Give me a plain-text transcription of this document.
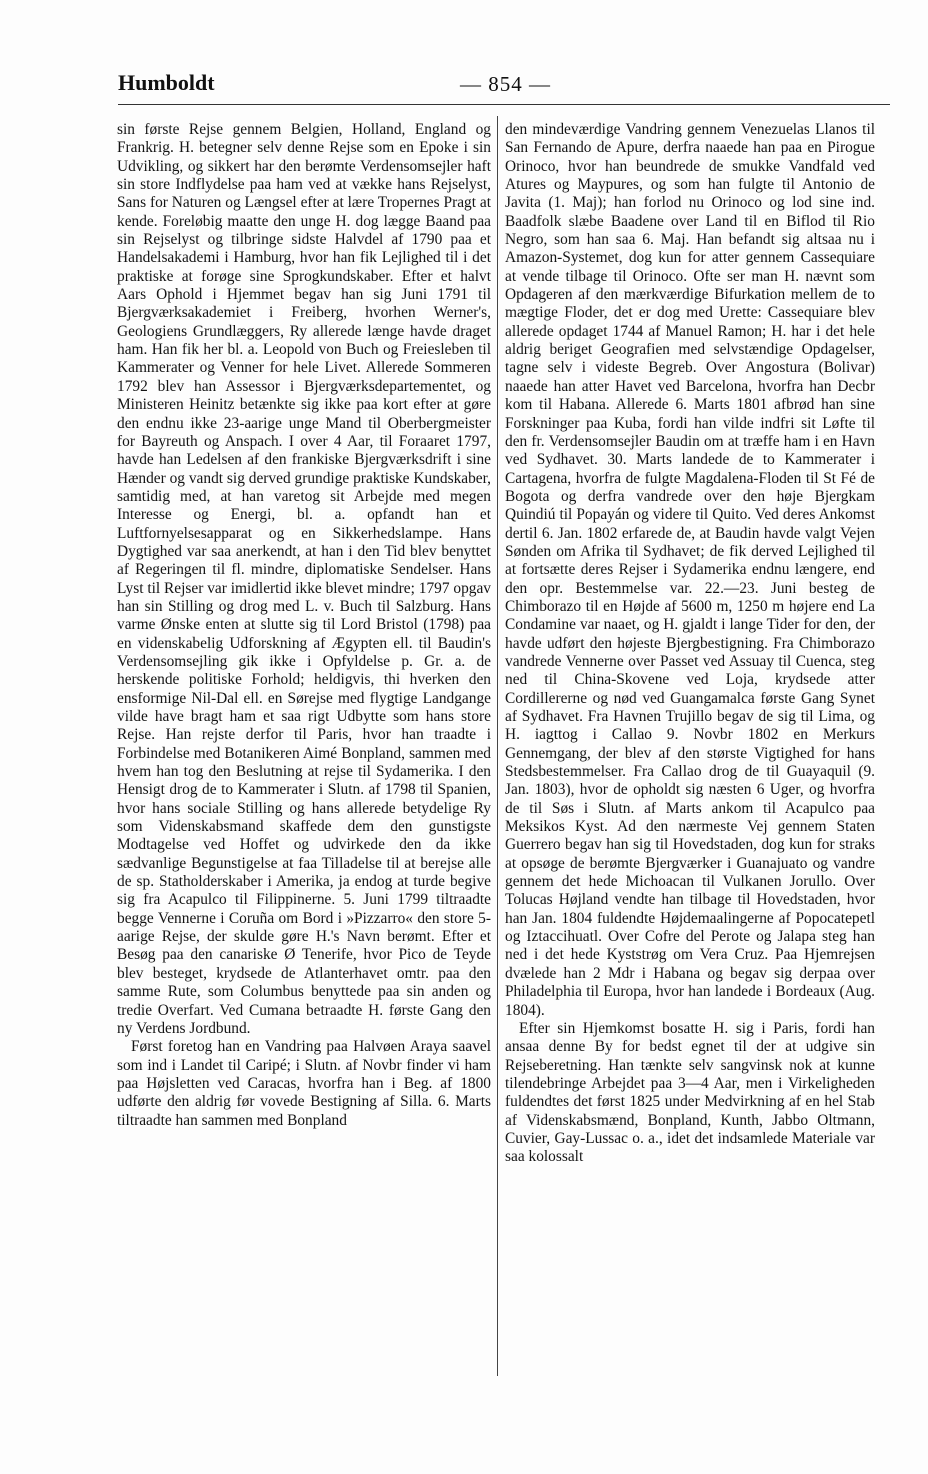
Humboldt	— 854 —

sin første Rejse gennem Belgien, Holland, England og Frankrig. H. betegner selv denne Rejse som en Epoke i sin Udvikling, og sikkert har den berømte Verdensomsejler haft sin store Indflydelse paa ham ved at vække hans Rejselyst, Sans for Naturen og Længsel efter at lære Tropernes Pragt at kende. Foreløbig maatte den unge H. dog lægge Baand paa sin Rejselyst og tilbringe sidste Halvdel af 1790 paa et Handelsakademi i Hamburg, hvor han fik Lejlighed til i det praktiske at forøge sine Sprogkundskaber. Efter et halvt Aars Ophold i Hjemmet begav han sig Juni 1791 til Bjergværksakademiet i Freiberg, hvorhen Werner's, Geologiens Grundlæggers, Ry allerede længe havde draget ham. Han fik her bl. a. Leopold von Buch og Freiesleben til Kammerater og Venner for hele Livet. Allerede Sommeren 1792 blev han Assessor i Bjergværksdepartementet, og Ministeren Heinitz betænkte sig ikke paa kort efter at gøre den endnu ikke 23-aarige unge Mand til Oberbergmeister for Bayreuth og Anspach. I over 4 Aar, til Foraaret 1797, havde han Ledelsen af den frankiske Bjergværksdrift i sine Hænder og vandt sig derved grundige praktiske Kundskaber, samtidig med, at han varetog sit Arbejde med megen Interesse og Energi, bl. a. opfandt han et Luftfornyelsesapparat og en Sikkerhedslampe. Hans Dygtighed var saa anerkendt, at han i den Tid blev benyttet af Regeringen til fl. mindre, diplomatiske Sendelser. Hans Lyst til Rejser var imidlertid ikke blevet mindre; 1797 opgav han sin Stilling og drog med L. v. Buch til Salzburg. Hans varme Ønske enten at slutte sig til Lord Bristol (1798) paa en videnskabelig Udforskning af Ægypten ell. til Baudin's Verdensomsejling gik ikke i Opfyldelse p. Gr. a. de herskende politiske Forhold; heldigvis, thi hverken den ensformige Nil-Dal ell. en Sørejse med flygtige Landgange vilde have bragt ham et saa rigt Udbytte som hans store Rejse. Han rejste derfor til Paris, hvor han traadte i Forbindelse med Botanikeren Aimé Bonpland, sammen med hvem han tog den Beslutning at rejse til Sydamerika. I den Hensigt drog de to Kammerater i Slutn. af 1798 til Spanien, hvor hans sociale Stilling og hans allerede betydelige Ry som Videnskabsmand skaffede dem den gunstigste Modtagelse ved Hoffet og udvirkede den da ikke sædvanlige Begunstigelse at faa Tilladelse til at berejse alle de sp. Statholderskaber i Amerika, ja endog at turde begive sig fra Acapulco til Filippinerne. 5. Juni 1799 tiltraadte begge Vennerne i Coruña om Bord i »Pizzarro« den store 5-aarige Rejse, der skulde gøre H.'s Navn berømt. Efter et Besøg paa den canariske Ø Tenerife, hvor Pico de Teyde blev besteget, krydsede de Atlanterhavet omtr. paa den samme Rute, som Columbus benyttede paa sin anden og tredie Overfart. Ved Cumana betraadte H. første Gang den ny Verdens Jordbund.

Først foretog han en Vandring paa Halvøen Araya saavel som ind i Landet til Caripé; i Slutn. af Novbr finder vi ham paa Højsletten ved Caracas, hvorfra han i Beg. af 1800 udførte den aldrig før vovede Bestigning af Silla. 6. Marts tiltraadte han sammen med Bonpland

den mindeværdige Vandring gennem Venezuelas Llanos til San Fernando de Apure, derfra naaede han paa en Pirogue Orinoco, hvor han beundrede de smukke Vandfald ved Atures og Maypures, og som han fulgte til Antonio de Javita (1. Maj); han forlod nu Orinoco og lod sine ind. Baadfolk slæbe Baadene over Land til en Biflod til Rio Negro, som han saa 6. Maj. Han befandt sig altsaa nu i Amazon-Systemet, dog kun for atter gennem Cassequiare at vende tilbage til Orinoco. Ofte ser man H. nævnt som Opdageren af den mærkværdige Bifurkation mellem de to mægtige Floder, det er dog med Urette: Cassequiare blev allerede opdaget 1744 af Manuel Ramon; H. har i det hele aldrig beriget Geografien med selvstændige Opdagelser, tagne selv i videste Begreb. Over Angostura (Bolivar) naaede han atter Havet ved Barcelona, hvorfra han Decbr kom til Habana. Allerede 6. Marts 1801 afbrød han sine Forskninger paa Kuba, fordi han vilde indfri sit Løfte til den fr. Verdensomsejler Baudin om at træffe ham i en Havn ved Sydhavet. 30. Marts landede de to Kammerater i Cartagena, hvorfra de fulgte Magdalena-Floden til St Fé de Bogota og derfra vandrede over den høje Bjergkam Quindiú til Popayán og videre til Quito. Ved deres Ankomst dertil 6. Jan. 1802 erfarede de, at Baudin havde valgt Vejen Sønden om Afrika til Sydhavet; de fik derved Lejlighed til at fortsætte deres Rejser i Sydamerika endnu længere, end den opr. Bestemmelse var. 22.—23. Juni besteg de Chimborazo til en Højde af 5600 m, 1250 m højere end La Condamine var naaet, og H. gjaldt i lange Tider for den, der havde udført den højeste Bjergbestigning. Fra Chimborazo vandrede Vennerne over Passet ved Assuay til Cuenca, steg ned til China-Skovene ved Loja, krydsede atter Cordillererne og nød ved Guangamalca første Gang Synet af Sydhavet. Fra Havnen Trujillo begav de sig til Lima, og H. iagttog i Callao 9. Novbr 1802 en Merkurs Gennemgang, der blev af den største Vigtighed for hans Stedsbestemmelser. Fra Callao drog de til Guayaquil (9. Jan. 1803), hvor de opholdt sig næsten 6 Uger, og hvorfra de til Søs i Slutn. af Marts ankom til Acapulco paa Meksikos Kyst. Ad den nærmeste Vej gennem Staten Guerrero begav han sig til Hovedstaden, dog kun for straks at opsøge de berømte Bjergværker i Guanajuato og vandre gennem det hede Michoacan til Vulkanen Jorullo. Over Tolucas Højland vendte han tilbage til Hovedstaden, hvor han Jan. 1804 fuldendte Højdemaalingerne af Popocatepetl og Iztaccihuatl. Over Cofre del Perote og Jalapa steg han ned i det hede Kyststrøg om Vera Cruz. Paa Hjemrejsen dvælede han 2 Mdr i Habana og begav sig derpaa over Philadelphia til Europa, hvor han landede i Bordeaux (Aug. 1804).

Efter sin Hjemkomst bosatte H. sig i Paris, fordi han ansaa denne By for bedst egnet til der at udgive sin Rejseberetning. Han tænkte selv sangvinsk nok at kunne tilendebringe Arbejdet paa 3—4 Aar, men i Virkeligheden fuldendtes det først 1825 under Medvirkning af en hel Stab af Videnskabsmænd, Bonpland, Kunth, Jabbo Oltmann, Cuvier, Gay-Lussac o. a., idet det indsamlede Materiale var saa kolossalt
